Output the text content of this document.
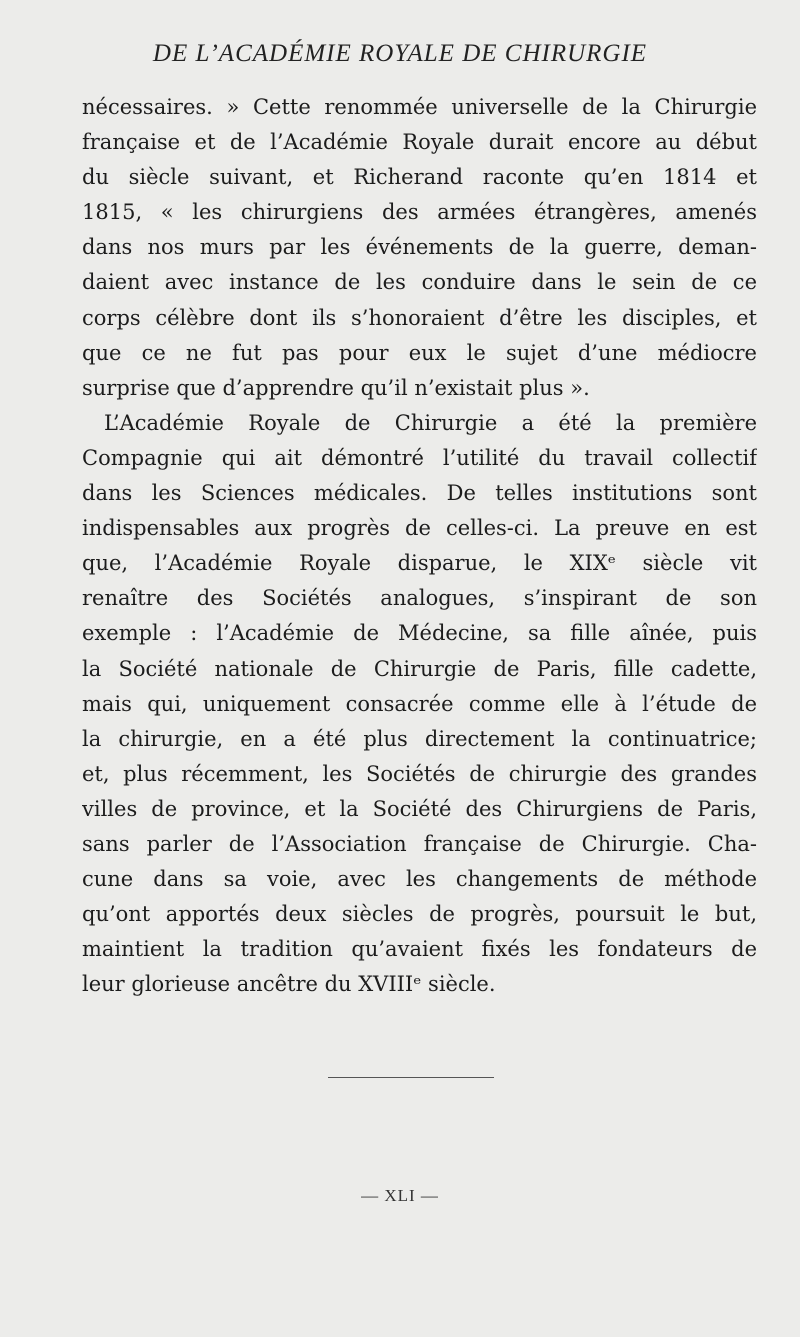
DE L’ACADÉMIE ROYALE DE CHIRURGIE
nécessaires. » Cette renommée universelle de la Chirurgie
française et de l’Académie Royale durait encore au début
du siècle suivant, et Richerand raconte qu’en 1814 et
1815, « les chirurgiens des armées étrangères, amenés
dans nos murs par les événements de la guerre, deman-
daient avec instance de les conduire dans le sein de ce
corps célèbre dont ils s’honoraient d’être les disciples, et
que ce ne fut pas pour eux le sujet d’une médiocre
surprise que d’apprendre qu’il n’existait plus ».
L’Académie Royale de Chirurgie a été la première
Compagnie qui ait démontré l’utilité du travail collectif
dans les Sciences médicales. De telles institutions sont
indispensables aux progrès de celles-ci. La preuve en est
que, l’Académie Royale disparue, le XIXᵉ siècle vit
renaître des Sociétés analogues, s’inspirant de son
exemple : l’Académie de Médecine, sa fille aînée, puis
la Société nationale de Chirurgie de Paris, fille cadette,
mais qui, uniquement consacrée comme elle à l’étude de
la chirurgie, en a été plus directement la continuatrice;
et, plus récemment, les Sociétés de chirurgie des grandes
villes de province, et la Société des Chirurgiens de Paris,
sans parler de l’Association française de Chirurgie. Cha-
cune dans sa voie, avec les changements de méthode
qu’ont apportés deux siècles de progrès, poursuit le but,
maintient la tradition qu’avaient fixés les fondateurs de
leur glorieuse ancêtre du XVIIIᵉ siècle.
— XLI —
